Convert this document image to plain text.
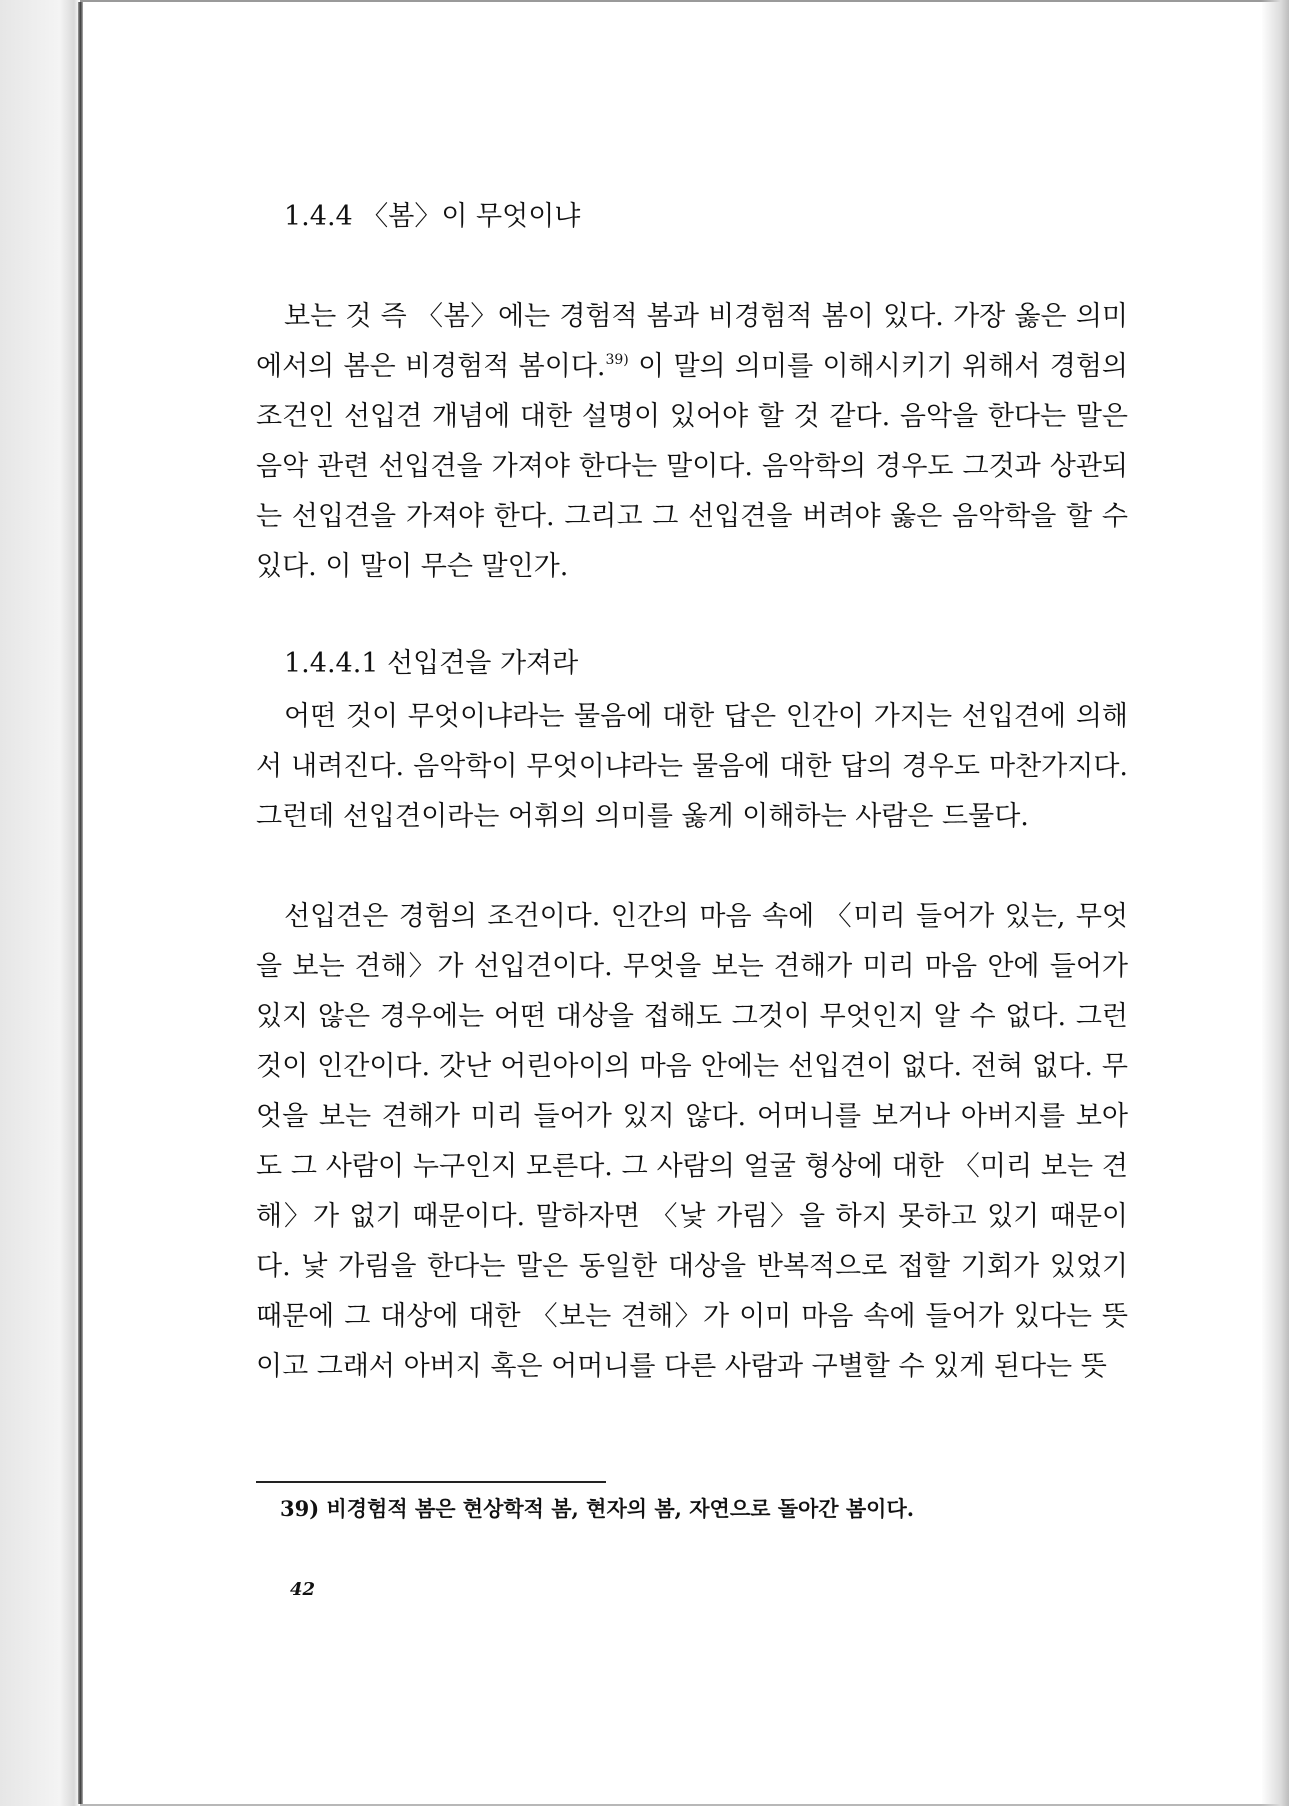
1.4.4 〈봄〉이 무엇이냐
보는 것 즉 〈봄〉에는 경험적 봄과 비경험적 봄이 있다. 가장 옳은 의미에서의 봄은 비경험적 봄이다.$^{39)}$ 이 말의 의미를 이해시키기 위해서 경험의 조건인 선입견 개념에 대한 설명이 있어야 할 것 같다. 음악을 한다는 말은 음악 관련 선입견을 가져야 한다는 말이다. 음악학의 경우도 그것과 상관되는 선입견을 가져야 한다. 그리고 그 선입견을 버려야 옳은 음악학을 할 수 있다. 이 말이 무슨 말인가.
1.4.4.1 선입견을 가져라
어떤 것이 무엇이냐라는 물음에 대한 답은 인간이 가지는 선입견에 의해서 내려진다. 음악학이 무엇이냐라는 물음에 대한 답의 경우도 마찬가지다. 그런데 선입견이라는 어휘의 의미를 옳게 이해하는 사람은 드물다.
선입견은 경험의 조건이다. 인간의 마음 속에 〈미리 들어가 있는, 무엇을 보는 견해〉가 선입견이다. 무엇을 보는 견해가 미리 마음 안에 들어가 있지 않은 경우에는 어떤 대상을 접해도 그것이 무엇인지 알 수 없다. 그런 것이 인간이다. 갓난 어린아이의 마음 안에는 선입견이 없다. 전혀 없다. 무엇을 보는 견해가 미리 들어가 있지 않다. 어머니를 보거나 아버지를 보아도 그 사람이 누구인지 모른다. 그 사람의 얼굴 형상에 대한 〈미리 보는 견해〉가 없기 때문이다. 말하자면 〈낯 가림〉을 하지 못하고 있기 때문이다. 낯 가림을 한다는 말은 동일한 대상을 반복적으로 접할 기회가 있었기 때문에 그 대상에 대한 〈보는 견해〉가 이미 마음 속에 들어가 있다는 뜻이고 그래서 아버지 혹은 어머니를 다른 사람과 구별할 수 있게 된다는 뜻
39) 비경험적 봄은 현상학적 봄, 현자의 봄, 자연으로 돌아간 봄이다.
42
